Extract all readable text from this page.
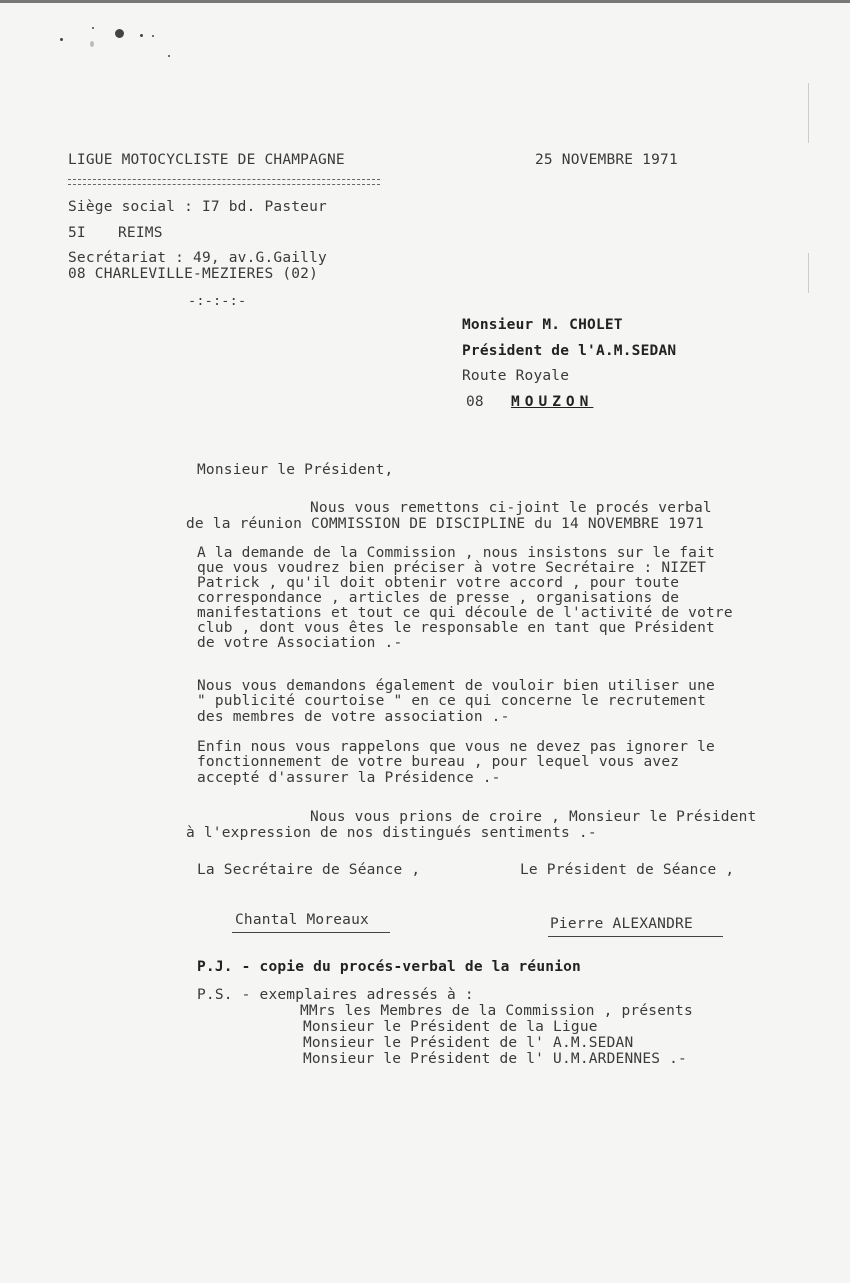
LIGUE MOTOCYCLISTE DE CHAMPAGNE	25 NOVEMBRE 1971
Siège social : I7 bd. Pasteur
5I REIMS
Secrétariat : 49, av.G.Gailly
08 CHARLEVILLE-MEZIERES (02)
-:-:-:-
Monsieur M. CHOLET
Président de l'A.M.SEDAN
Route Royale
08 MOUZON
Monsieur le Président,
Nous vous remettons ci-joint le procés verbal
de la réunion COMMISSION DE DISCIPLINE du 14 NOVEMBRE 1971
A la demande de la Commission , nous insistons sur le fait
que vous voudrez bien préciser à votre Secrétaire : NIZET
Patrick , qu'il doit obtenir votre accord , pour toute
correspondance , articles de presse , organisations de
manifestations et tout ce qui découle de l'activité de votre
club , dont vous êtes le responsable en tant que Président
de votre Association .-
Nous vous demandons également de vouloir bien utiliser une
" publicité courtoise " en ce qui concerne le recrutement
des membres de votre association .-
Enfin nous vous rappelons que vous ne devez pas ignorer le
fonctionnement de votre bureau , pour lequel vous avez
accepté d'assurer la Présidence .-
Nous vous prions de croire , Monsieur le Président
à l'expression de nos distingués sentiments .-
La Secrétaire de Séance ,	Le Président de Séance ,
Chantal Moreaux	Pierre ALEXANDRE
P.J. - copie du procés-verbal de la réunion
P.S. - exemplaires adressés à :
MMrs les Membres de la Commission , présents
Monsieur le Président de la Ligue
Monsieur le Président de l' A.M.SEDAN
Monsieur le Président de l' U.M.ARDENNES .-
